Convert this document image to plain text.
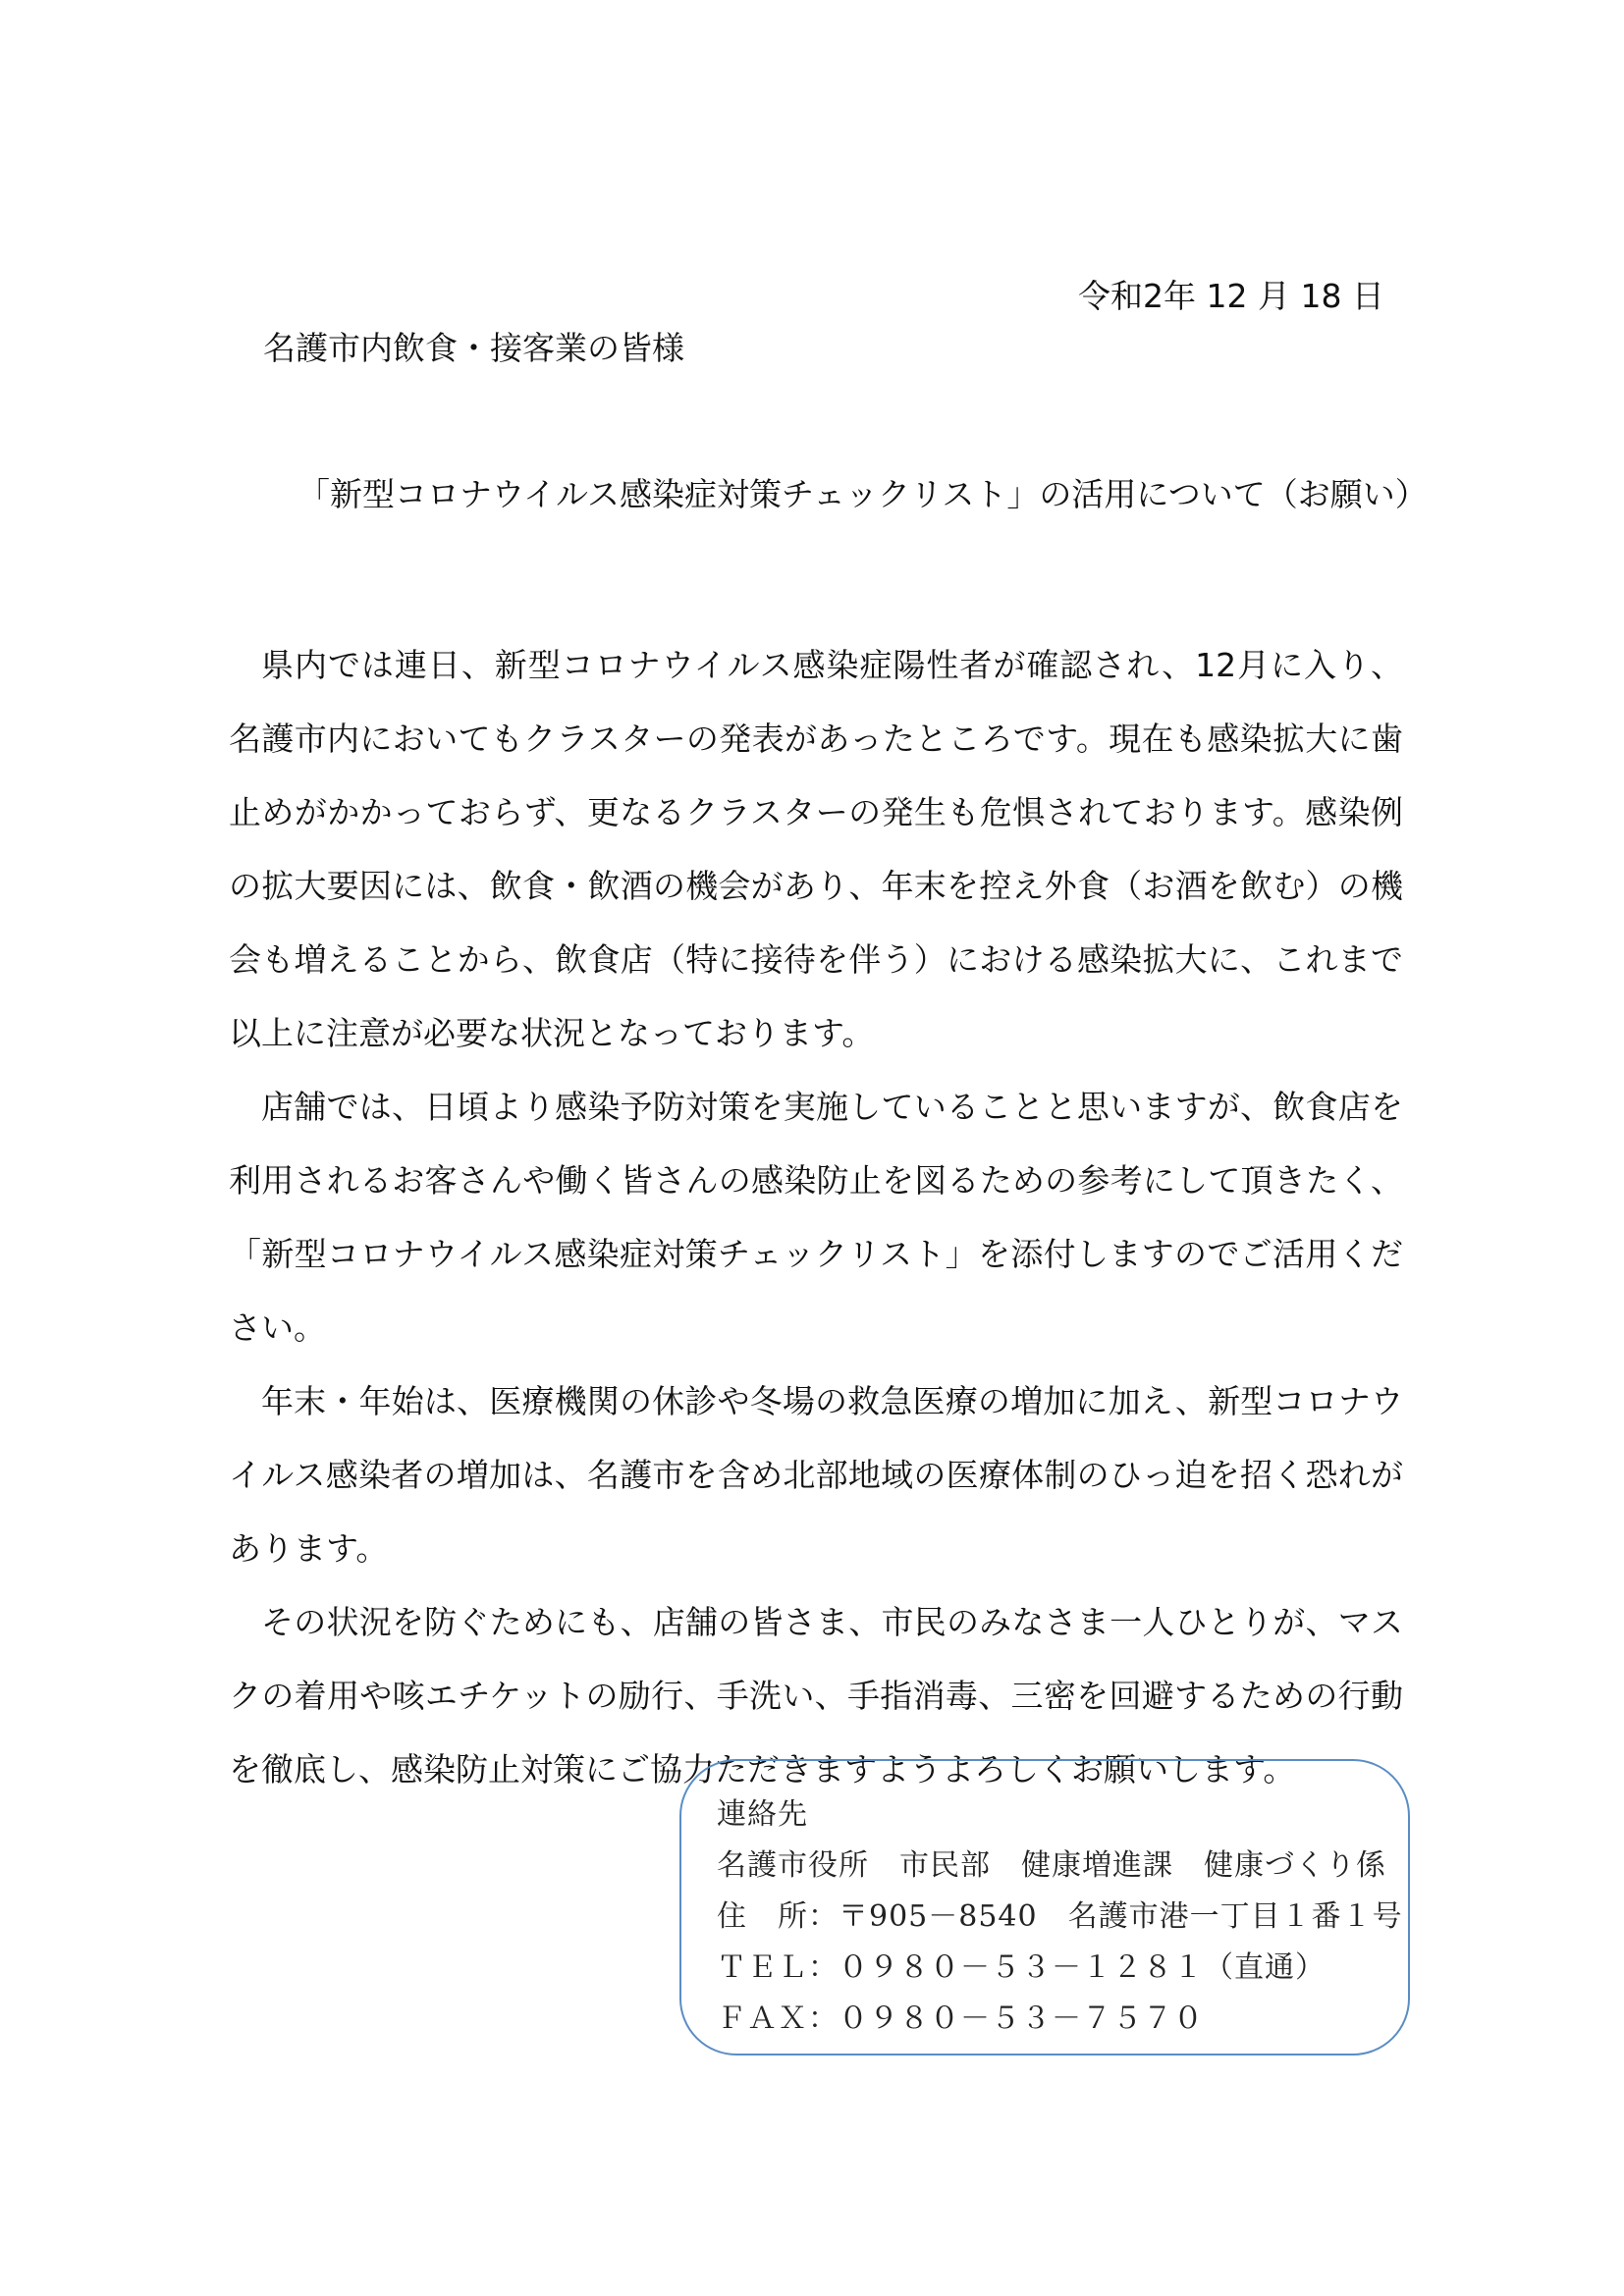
令和2年 12 月 18 日
名護市内飲食・接客業の皆様
「新型コロナウイルス感染症対策チェックリスト」の活用について（お願い）

県内では連日、新型コロナウイルス感染症陽性者が確認され、12月に入り、名護市内においてもクラスターの発表があったところです。現在も感染拡大に歯止めがかかっておらず、更なるクラスターの発生も危惧されております。感染例の拡大要因には、飲食・飲酒の機会があり、年末を控え外食（お酒を飲む）の機会も増えることから、飲食店（特に接待を伴う）における感染拡大に、これまで以上に注意が必要な状況となっております。

店舗では、日頃より感染予防対策を実施していることと思いますが、飲食店を利用されるお客さんや働く皆さんの感染防止を図るための参考にして頂きたく、「新型コロナウイルス感染症対策チェックリスト」を添付しますのでご活用ください。

年末・年始は、医療機関の休診や冬場の救急医療の増加に加え、新型コロナウイルス感染者の増加は、名護市を含め北部地域の医療体制のひっ迫を招く恐れがあります。

その状況を防ぐためにも、店舗の皆さま、市民のみなさま一人ひとりが、マスクの着用や咳エチケットの励行、手洗い、手指消毒、三密を回避するための行動を徹底し、感染防止対策にご協力ただきますようよろしくお願いします。

連絡先
名護市役所　市民部　健康増進課　健康づくり係
住　所：〒905－8540　名護市港一丁目１番１号
ＴＥＬ：０９８０－５３－１２８１（直通）
ＦＡＸ：０９８０－５３－７５７０
